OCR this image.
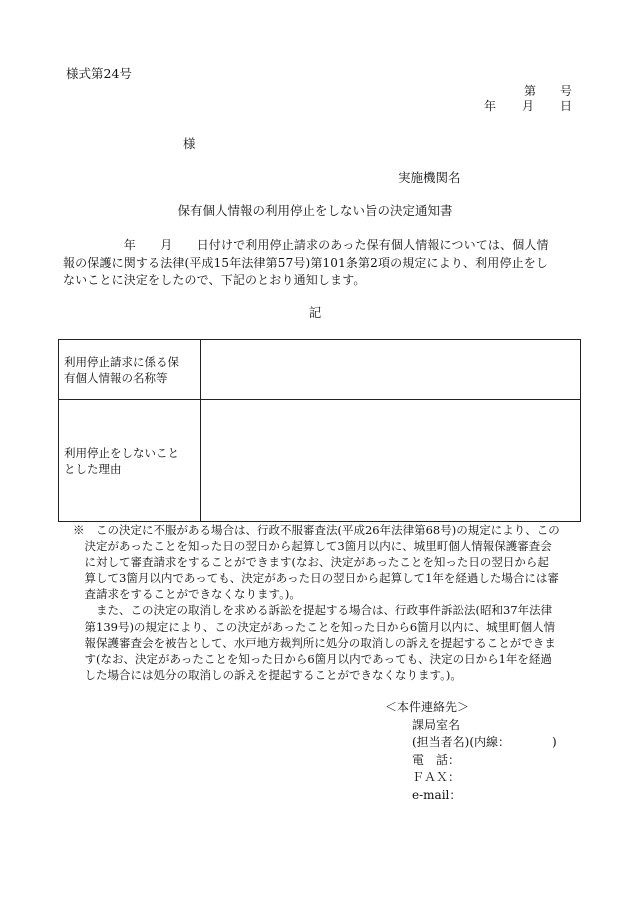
様式第24号
第 号
年 月 日
様
実施機関名
保有個人情報の利用停止をしない旨の決定通知書
　　　　　年　　月　　日付けで利用停止請求のあった保有個人情報については、個人情
報の保護に関する法律(平成15年法律第57号)第101条第2項の規定により、利用停止をし
ないことに決定をしたので、下記のとおり通知します。
記
利用停止請求に係る保
有個人情報の名称等	

利用停止をしないこと
とした理由	

※　この決定に不服がある場合は、行政不服審査法(平成26年法律第68号)の規定により、この
　決定があったことを知った日の翌日から起算して3箇月以内に、城里町個人情報保護審査会
　に対して審査請求をすることができます(なお、決定があったことを知った日の翌日から起
　算して3箇月以内であっても、決定があった日の翌日から起算して1年を経過した場合には審
　査請求をすることができなくなります。)。
　　また、この決定の取消しを求める訴訟を提起する場合は、行政事件訴訟法(昭和37年法律
　第139号)の規定により、この決定があったことを知った日から6箇月以内に、城里町個人情
　報保護審査会を被告として、水戸地方裁判所に処分の取消しの訴えを提起することができま
　す(なお、決定があったことを知った日から6箇月以内であっても、決定の日から1年を経過
　した場合には処分の取消しの訴えを提起することができなくなります。)。
＜本件連絡先＞
課局室名
(担当者名)(内線：　　　　)
電　話：
ＦＡＸ：
e-mail：
